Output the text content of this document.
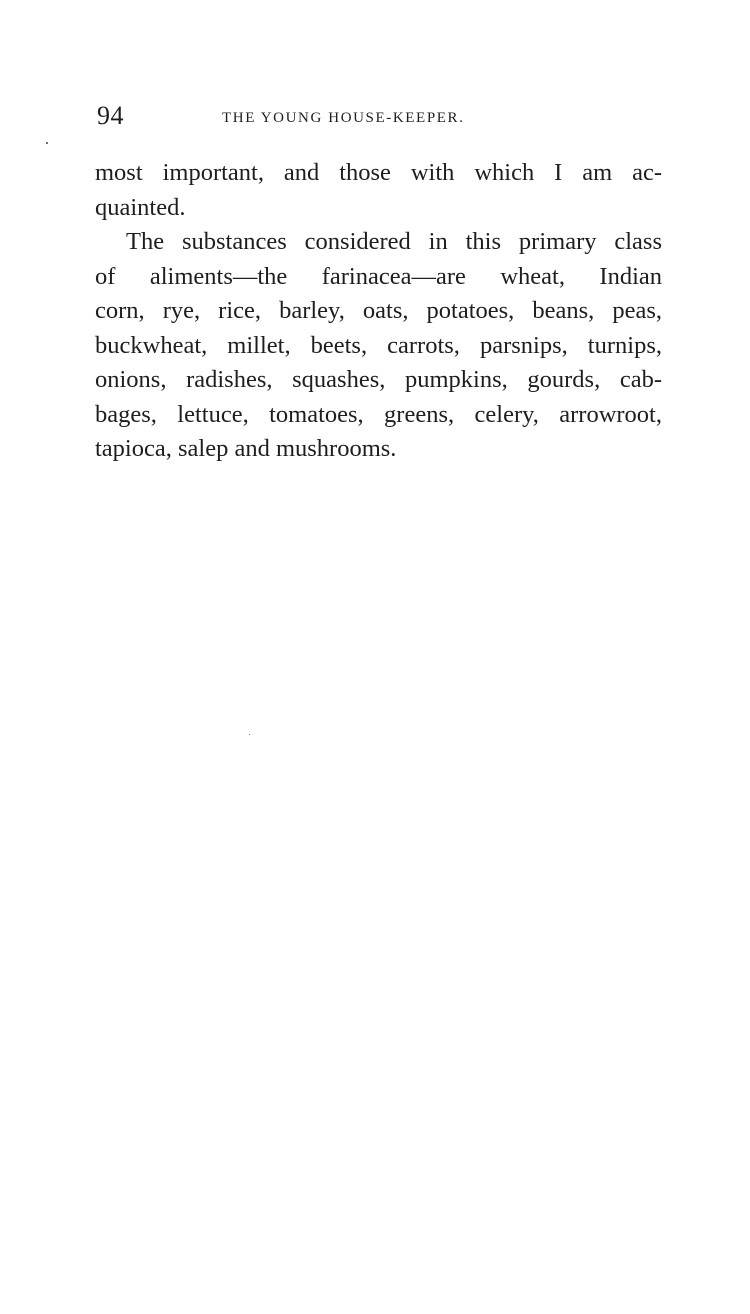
94	THE YOUNG HOUSE-KEEPER.
most important, and those with which I am ac-
quainted.
The substances considered in this primary class
of aliments—the farinacea—are wheat, Indian
corn, rye, rice, barley, oats, potatoes, beans, peas,
buckwheat, millet, beets, carrots, parsnips, turnips,
onions, radishes, squashes, pumpkins, gourds, cab-
bages, lettuce, tomatoes, greens, celery, arrowroot,
tapioca, salep and mushrooms.
